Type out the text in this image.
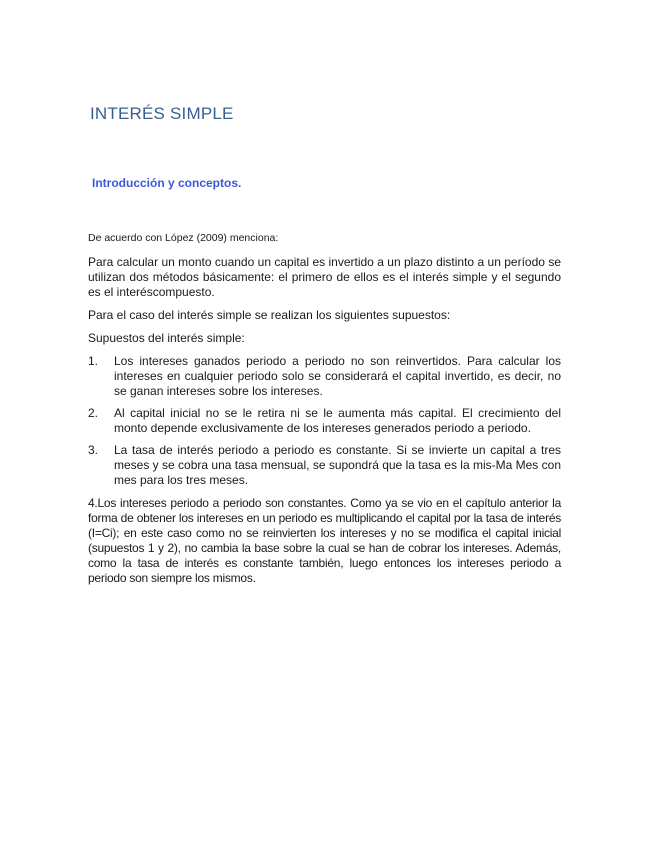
INTERÉS SIMPLE
Introducción y conceptos.

De acuerdo con López (2009) menciona:

Para calcular un monto cuando un capital es invertido a un plazo distinto a un período se utilizan dos métodos básicamente: el primero de ellos es el interés simple y el segundo es el interéscompuesto.

Para el caso del interés simple se realizan los siguientes supuestos:

Supuestos del interés simple:

1. Los intereses ganados periodo a periodo no son reinvertidos. Para calcular los intereses en cualquier periodo solo se considerará el capital invertido, es decir, no se ganan intereses sobre los intereses.
2. Al capital inicial no se le retira ni se le aumenta más capital. El crecimiento del monto depende exclusivamente de los intereses generados periodo a periodo.
3. La tasa de interés periodo a periodo es constante. Si se invierte un capital a tres meses y se cobra una tasa mensual, se supondrá que la tasa es la mis-Ma Mes con mes para los tres meses.

4.Los intereses periodo a periodo son constantes. Como ya se vio en el capítulo anterior la forma de obtener los intereses en un periodo es multiplicando el capital por la tasa de interés (I=Ci); en este caso como no se reinvierten los intereses y no se modifica el capital inicial (supuestos 1 y 2), no cambia la base sobre la cual se han de cobrar los intereses. Además, como la tasa de interés es constante también, luego entonces los intereses periodo a periodo son siempre los mismos.
